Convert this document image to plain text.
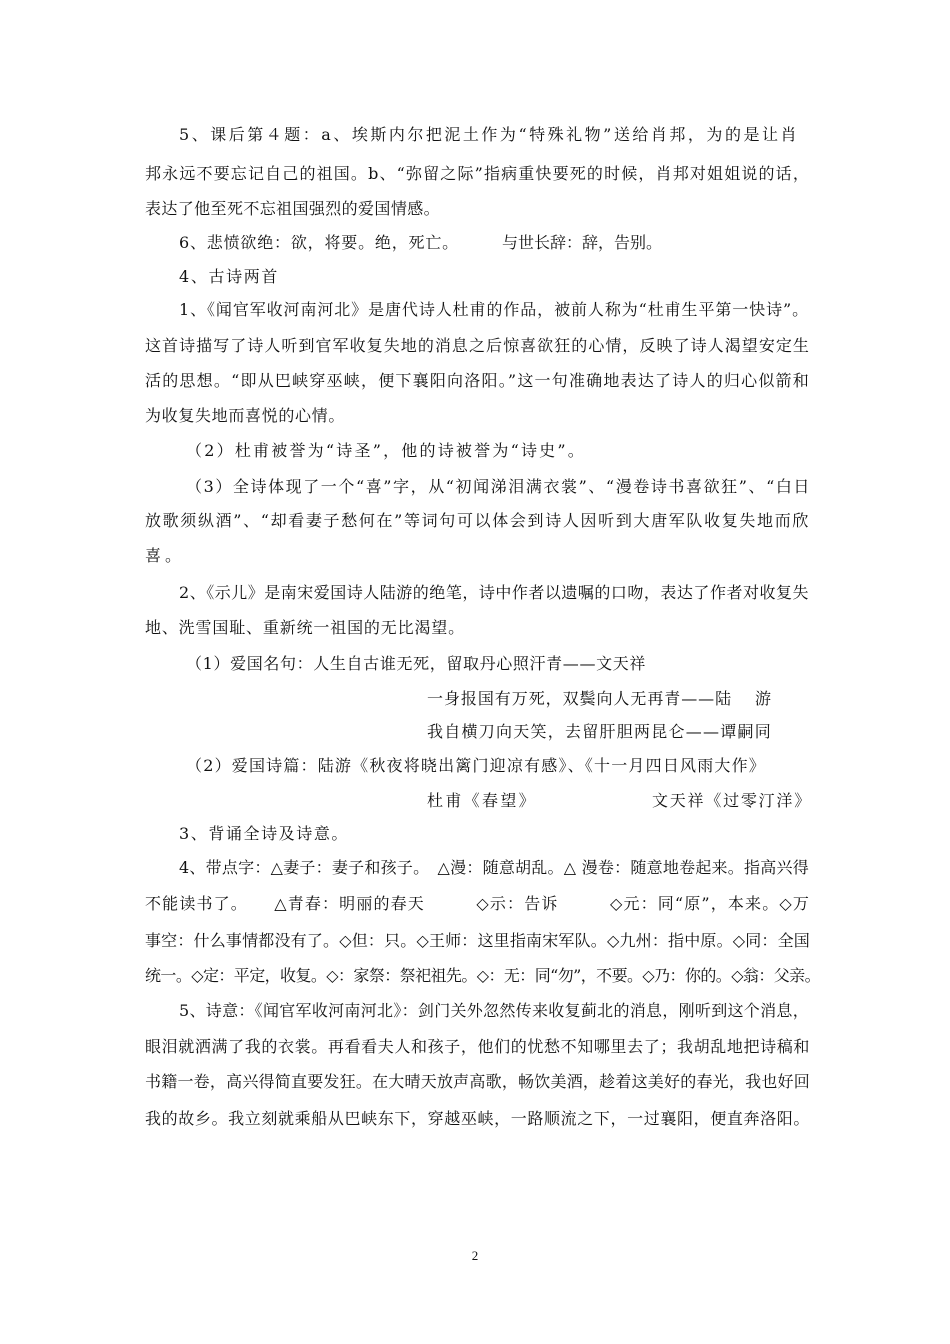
5、课后第４题：a、埃斯内尔把泥土作为“特殊礼物”送给肖邦，为的是让肖

邦永远不要忘记自己的祖国。b、“弥留之际”指病重快要死的时候，肖邦对姐姐说的话，

表达了他至死不忘祖国强烈的爱国情感。

6、悲愤欲绝：欲，将要。绝，死亡。	与世长辞：辞，告别。

4、古诗两首

1、《闻官军收河南河北》是唐代诗人杜甫的作品，被前人称为“杜甫生平第一快诗”。

这首诗描写了诗人听到官军收复失地的消息之后惊喜欲狂的心情，反映了诗人渴望安定生

活的思想。“即从巴峡穿巫峡，便下襄阳向洛阳。”这一句准确地表达了诗人的归心似箭和

为收复失地而喜悦的心情。

（2）杜甫被誉为“诗圣”，他的诗被誉为“诗史”。

（3）全诗体现了一个“喜”字，从“初闻涕泪满衣裳”、“漫卷诗书喜欲狂”、“白日

放歌须纵酒”、“却看妻子愁何在”等词句可以体会到诗人因听到大唐军队收复失地而欣

喜。

2、《示儿》是南宋爱国诗人陆游的绝笔，诗中作者以遗嘱的口吻，表达了作者对收复失

地、洗雪国耻、重新统一祖国的无比渴望。

（1）爱国名句：人生自古谁无死，留取丹心照汗青——文天祥

一身报国有万死，双鬓向人无再青——陆　 游

我自横刀向天笑，去留肝胆两昆仑——谭嗣同

（2）爱国诗篇：陆游《秋夜将晓出篱门迎凉有感》、《十一月四日风雨大作》

杜甫《春望》	文天祥《过零汀洋》

3、背诵全诗及诗意。

4、带点字：△妻子：妻子和孩子。　△漫：随意胡乱。△ 漫卷：随意地卷起来。指高兴得

不能读书了。　　△青春：明丽的春天　　　◇示：告诉　　　◇元：同“原”，本来。◇万

事空：什么事情都没有了。◇但：只。◇王师：这里指南宋军队。◇九州：指中原。◇同：全国

统一。◇定：平定，收复。◇：家祭：祭祀祖先。◇：无：同“勿”，不要。◇乃：你的。◇翁：父亲。

5、诗意：《闻官军收河南河北》：剑门关外忽然传来收复蓟北的消息，刚听到这个消息，

眼泪就洒满了我的衣裳。再看看夫人和孩子，他们的忧愁不知哪里去了；我胡乱地把诗稿和

书籍一卷，高兴得简直要发狂。在大晴天放声高歌，畅饮美酒，趁着这美好的春光，我也好回

我的故乡。我立刻就乘船从巴峡东下，穿越巫峡，一路顺流之下，一过襄阳，便直奔洛阳。

2
